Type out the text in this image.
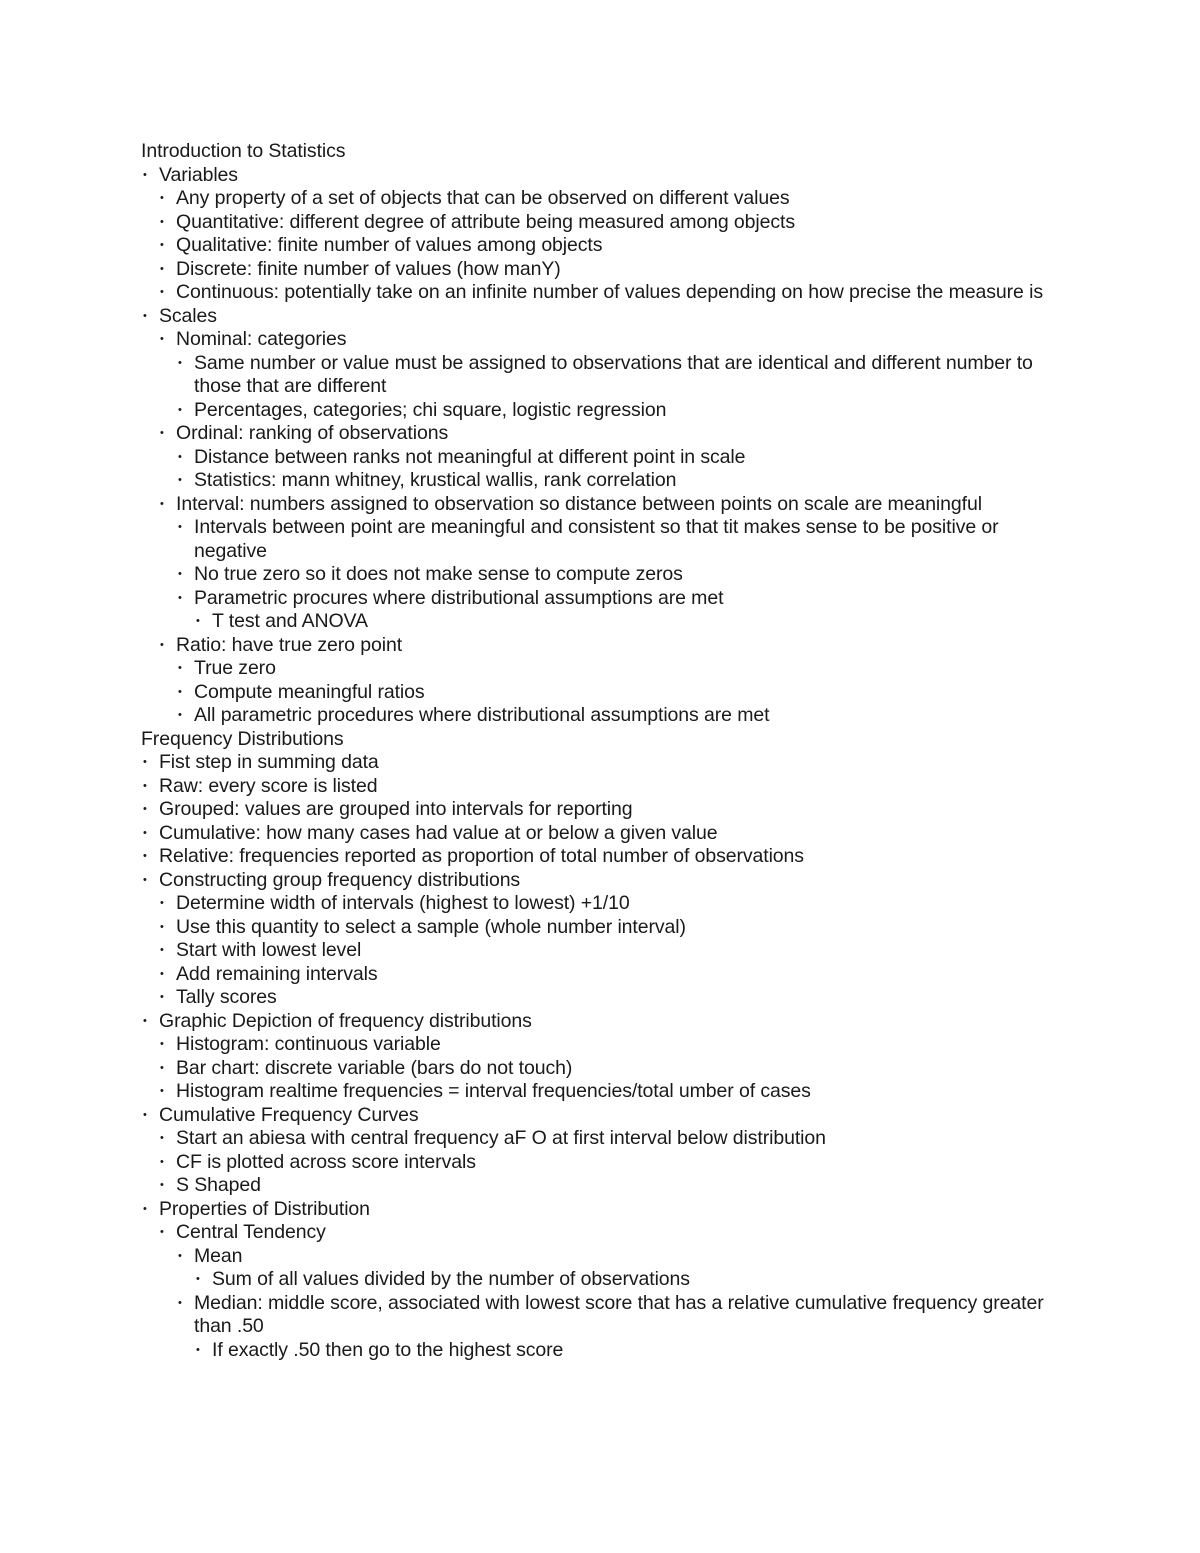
Introduction to Statistics
• Variables
• Any property of a set of objects that can be observed on different values
• Quantitative: different degree of attribute being measured among objects
• Qualitative: finite number of values among objects
• Discrete: finite number of values (how manY)
• Continuous: potentially take on an infinite number of values depending on how precise the measure is
• Scales
• Nominal: categories
• Same number or value must be assigned to observations that are identical and different number to those that are different
• Percentages, categories; chi square, logistic regression
• Ordinal: ranking of observations
• Distance between ranks not meaningful at different point in scale
• Statistics: mann whitney, krustical wallis, rank correlation
• Interval: numbers assigned to observation so distance between points on scale are meaningful
• Intervals between point are meaningful and consistent so that tit makes sense to be positive or negative
• No true zero so it does not make sense to compute zeros
• Parametric procures where distributional assumptions are met
• T test and ANOVA
• Ratio: have true zero point
• True zero
• Compute meaningful ratios
• All parametric procedures where distributional assumptions are met
Frequency Distributions
• Fist step in summing data
• Raw: every score is listed
• Grouped: values are grouped into intervals for reporting
• Cumulative: how many cases had value at or below a given value
• Relative: frequencies reported as proportion of total number of observations
• Constructing group frequency distributions
• Determine width of intervals (highest to lowest) +1/10
• Use this quantity to select a sample (whole number interval)
• Start with lowest level
• Add remaining intervals
• Tally scores
• Graphic Depiction of frequency distributions
• Histogram: continuous variable
• Bar chart: discrete variable (bars do not touch)
• Histogram realtime frequencies = interval frequencies/total umber of cases
• Cumulative Frequency Curves
• Start an abiesa with central frequency aF O at first interval below distribution
• CF is plotted across score intervals
• S Shaped
• Properties of Distribution
• Central Tendency
• Mean
• Sum of all values divided by the number of observations
• Median: middle score, associated with lowest score that has a relative cumulative frequency greater than .50
• If exactly .50 then go to the highest score
